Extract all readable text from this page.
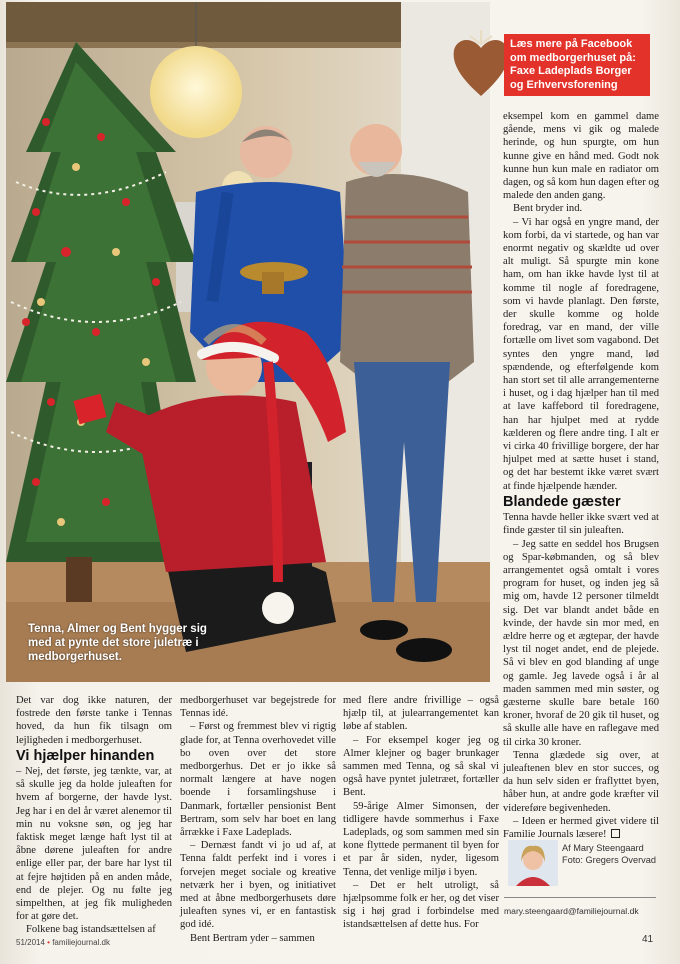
Tenna, Almer og Bent hygger sig med at pynte det store juletræ i medborgerhuset.
Læs mere på Facebook om medborgerhuset på: Faxe Ladeplads Borger og Erhvervsforening

eksempel kom en gammel dame gående, mens vi gik og malede herinde, og hun spurgte, om hun kunne give en hånd med. Godt nok kunne hun kun male en radiator om dagen, og så kom hun dagen efter og malede den anden gang.

Bent bryder ind.

– Vi har også en yngre mand, der kom forbi, da vi startede, og han var enormt negativ og skældte ud over alt muligt. Så spurgte min kone ham, om han ikke havde lyst til at komme til nogle af foredragene, som vi havde planlagt. Den første, der skulle komme og holde foredrag, var en mand, der ville fortælle om livet som vagabond. Det syntes den yngre mand, lød spændende, og efterfølgende kom han stort set til alle arrangementerne i huset, og i dag hjælper han til med at lave kaffebord til foredragene, han har hjulpet med at rydde kælderen og flere andre ting. I alt er vi cirka 40 frivillige borgere, der har hjulpet med at sætte huset i stand, og det har bestemt ikke været svært at finde hjælpende hænder.

Blandede gæster

Tenna havde heller ikke svært ved at finde gæster til sin juleaften.

– Jeg satte en seddel hos Brugsen og Spar-købmanden, og så blev arrangementet også omtalt i vores program for huset, og inden jeg så mig om, havde 12 personer tilmeldt sig. Det var blandt andet både en kvinde, der havde sin mor med, en ældre herre og et ægtepar, der havde lyst til noget andet, end de plejede. Så vi blev en god blanding af unge og gamle. Jeg lavede også i år al maden sammen med min søster, og gæsterne skulle bare betale 160 kroner, hvoraf de 20 gik til huset, og så skulle alle have en raflegave med til cirka 30 kroner.

Tenna glædede sig over, at juleaftenen blev en stor succes, og da hun selv siden er fraflyttet byen, håber hun, at andre gode kræfter vil videreføre begivenheden.

– Ideen er hermed givet videre til Familie Journals læsere!

Det var dog ikke naturen, der fostrede den første tanke i Tennas hoved, da hun fik tilsagn om lejligheden i medborgerhuset.

Vi hjælper hinanden

– Nej, det første, jeg tænkte, var, at så skulle jeg da holde juleaften for hvem af borgerne, der havde lyst. Jeg har i en del år været alenemor til min nu voksne søn, og jeg har faktisk meget længe haft lyst til at åbne dørene juleaften for andre enlige eller par, der bare har lyst til at fejre højtiden på en anden måde, end de plejer. Og nu følte jeg simpelthen, at jeg fik muligheden for at gøre det.

Folkene bag istandsættelsen af

medborgerhuset var begejstrede for Tennas idé.

– Først og fremmest blev vi rigtig glade for, at Tenna overhovedet ville bo oven over det store medborgerhus. Det er jo ikke så normalt længere at have nogen boende i forsamlingshuse i Danmark, fortæller pensionist Bent Bertram, som selv har boet en lang årrække i Faxe Ladeplads.

– Dernæst fandt vi jo ud af, at Tenna faldt perfekt ind i vores i forvejen meget sociale og kreative netværk her i byen, og initiativet med at åbne medborgerhusets døre juleaften synes vi, er en fantastisk god idé.

Bent Bertram yder – sammen

med flere andre frivillige – også hjælp til, at julearrangementet kan løbe af stablen.

– For eksempel koger jeg og Almer klejner og bager brunkager sammen med Tenna, og så skal vi også have pyntet juletræet, fortæller Bent.

59-årige Almer Simonsen, der tidligere havde sommerhus i Faxe Ladeplads, og som sammen med sin kone flyttede permanent til byen for et par år siden, nyder, ligesom Tenna, det venlige miljø i byen.

– Det er helt utroligt, så hjælpsomme folk er her, og det viser sig i høj grad i forbindelse med istandsættelsen af dette hus. For

Af Mary Steengaard
Foto: Gregers Overvad
mary.steengaard@familiejournal.dk
51/2014 • familiejournal.dk	41
